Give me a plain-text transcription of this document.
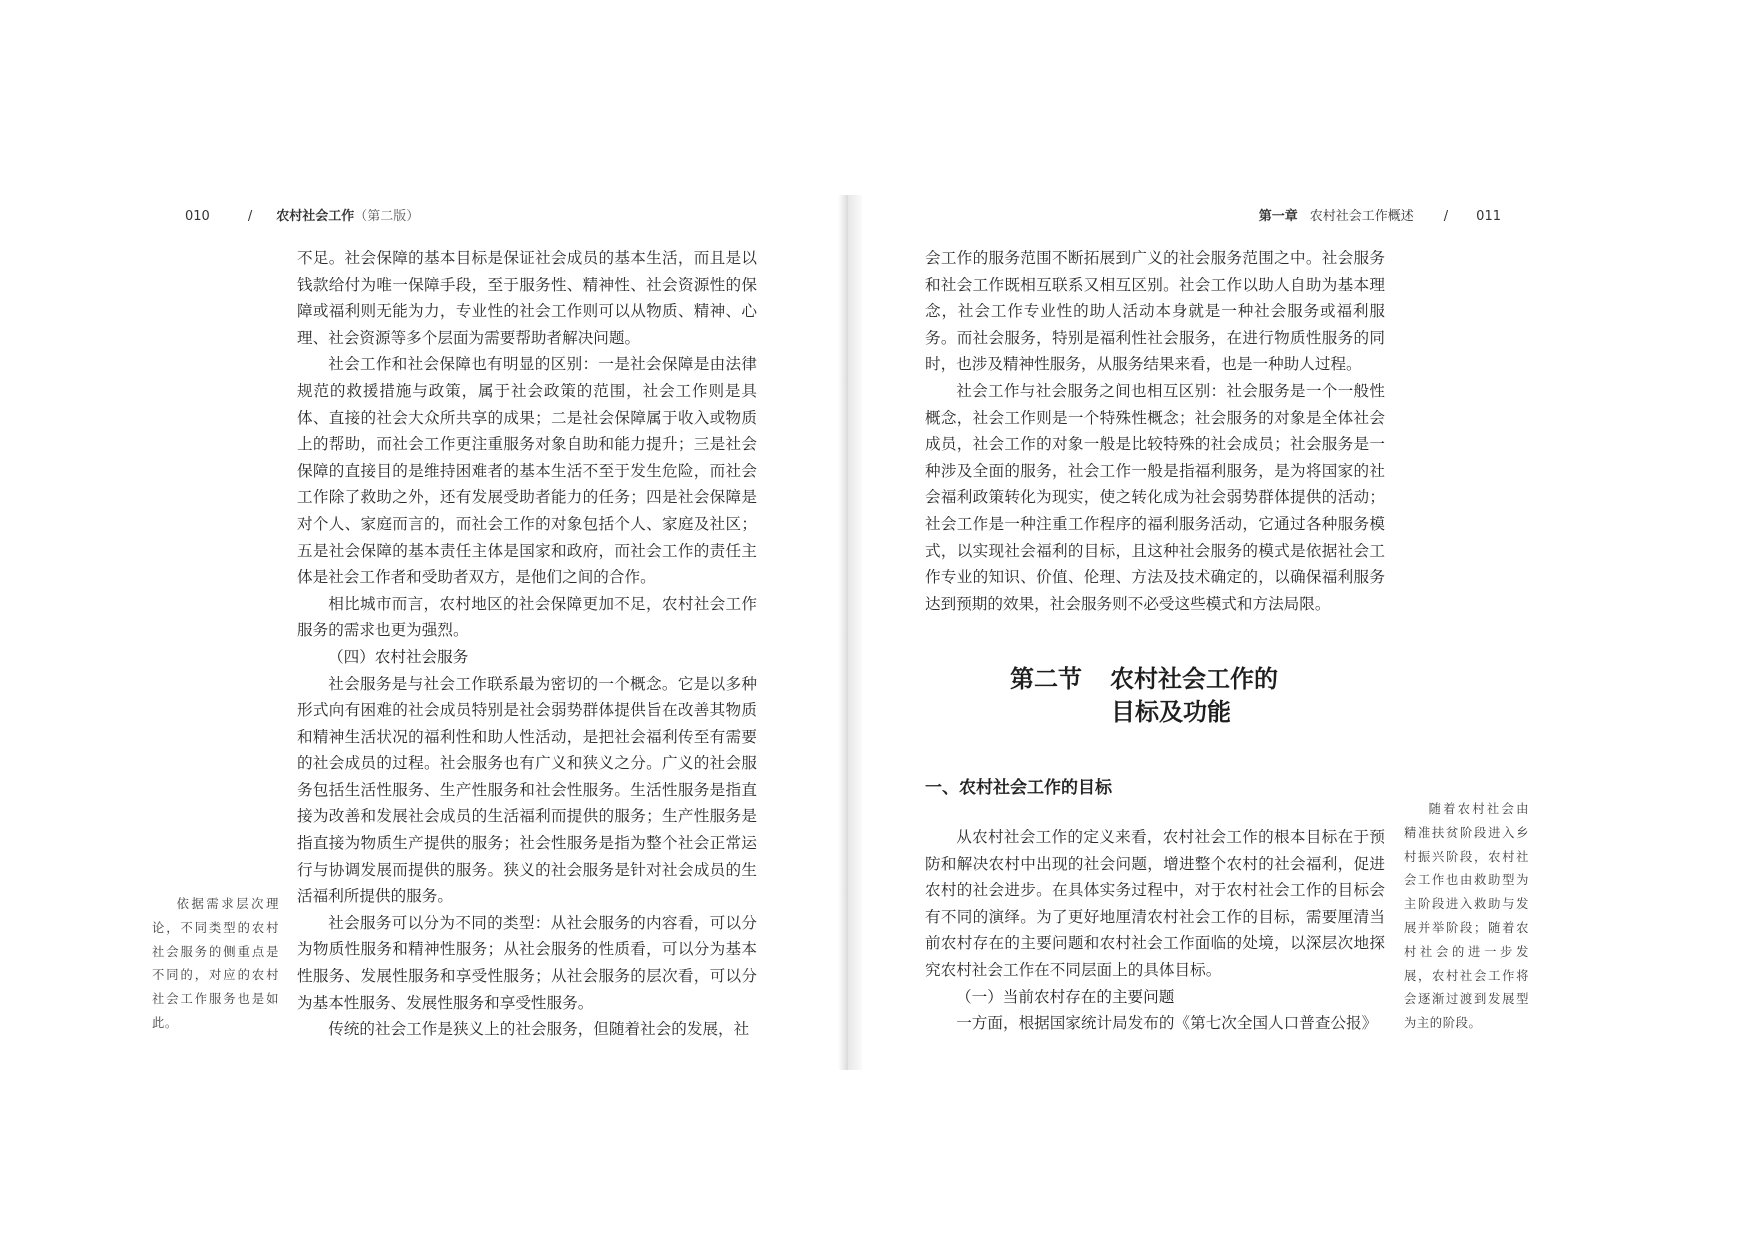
010	/ 农村社会工作（第二版）	第一章 农村社会工作概述 / 011

不足。社会保障的基本目标是保证社会成员的基本生活，而且是以钱款给付为唯一保障手段，至于服务性、精神性、社会资源性的保障或福利则无能为力，专业性的社会工作则可以从物质、精神、心理、社会资源等多个层面为需要帮助者解决问题。

社会工作和社会保障也有明显的区别：一是社会保障是由法律规范的救援措施与政策，属于社会政策的范围，社会工作则是具体、直接的社会大众所共享的成果；二是社会保障属于收入或物质上的帮助，而社会工作更注重服务对象自助和能力提升；三是社会保障的直接目的是维持困难者的基本生活不至于发生危险，而社会工作除了救助之外，还有发展受助者能力的任务；四是社会保障是对个人、家庭而言的，而社会工作的对象包括个人、家庭及社区；五是社会保障的基本责任主体是国家和政府，而社会工作的责任主体是社会工作者和受助者双方，是他们之间的合作。

相比城市而言，农村地区的社会保障更加不足，农村社会工作服务的需求也更为强烈。

（四）农村社会服务

社会服务是与社会工作联系最为密切的一个概念。它是以多种形式向有困难的社会成员特别是社会弱势群体提供旨在改善其物质和精神生活状况的福利性和助人性活动，是把社会福利传至有需要的社会成员的过程。社会服务也有广义和狭义之分。广义的社会服务包括生活性服务、生产性服务和社会性服务。生活性服务是指直接为改善和发展社会成员的生活福利而提供的服务；生产性服务是指直接为物质生产提供的服务；社会性服务是指为整个社会正常运行与协调发展而提供的服务。狭义的社会服务是针对社会成员的生活福利所提供的服务。

社会服务可以分为不同的类型：从社会服务的内容看，可以分为物质性服务和精神性服务；从社会服务的性质看，可以分为基本性服务、发展性服务和享受性服务；从社会服务的层次看，可以分为基本性服务、发展性服务和享受性服务。

传统的社会工作是狭义上的社会服务，但随着社会的发展，社

依据需求层次理论，不同类型的农村社会服务的侧重点是不同的，对应的农村社会工作服务也是如此。

会工作的服务范围不断拓展到广义的社会服务范围之中。社会服务和社会工作既相互联系又相互区别。社会工作以助人自助为基本理念，社会工作专业性的助人活动本身就是一种社会服务或福利服务。而社会服务，特别是福利性社会服务，在进行物质性服务的同时，也涉及精神性服务，从服务结果来看，也是一种助人过程。

社会工作与社会服务之间也相互区别：社会服务是一个一般性概念，社会工作则是一个特殊性概念；社会服务的对象是全体社会成员，社会工作的对象一般是比较特殊的社会成员；社会服务是一种涉及全面的服务，社会工作一般是指福利服务，是为将国家的社会福利政策转化为现实，使之转化成为社会弱势群体提供的活动；社会工作是一种注重工作程序的福利服务活动，它通过各种服务模式，以实现社会福利的目标，且这种社会服务的模式是依据社会工作专业的知识、价值、伦理、方法及技术确定的，以确保福利服务达到预期的效果，社会服务则不必受这些模式和方法局限。

第二节 农村社会工作的
目标及功能
一、农村社会工作的目标

从农村社会工作的定义来看，农村社会工作的根本目标在于预防和解决农村中出现的社会问题，增进整个农村的社会福利，促进农村的社会进步。在具体实务过程中，对于农村社会工作的目标会有不同的演绎。为了更好地厘清农村社会工作的目标，需要厘清当前农村存在的主要问题和农村社会工作面临的处境，以深层次地探究农村社会工作在不同层面上的具体目标。

（一）当前农村存在的主要问题

一方面，根据国家统计局发布的《第七次全国人口普查公报》

随着农村社会由精准扶贫阶段进入乡村振兴阶段，农村社会工作也由救助型为主阶段进入救助与发展并举阶段；随着农村社会的进一步发展，农村社会工作将会逐渐过渡到发展型为主的阶段。
